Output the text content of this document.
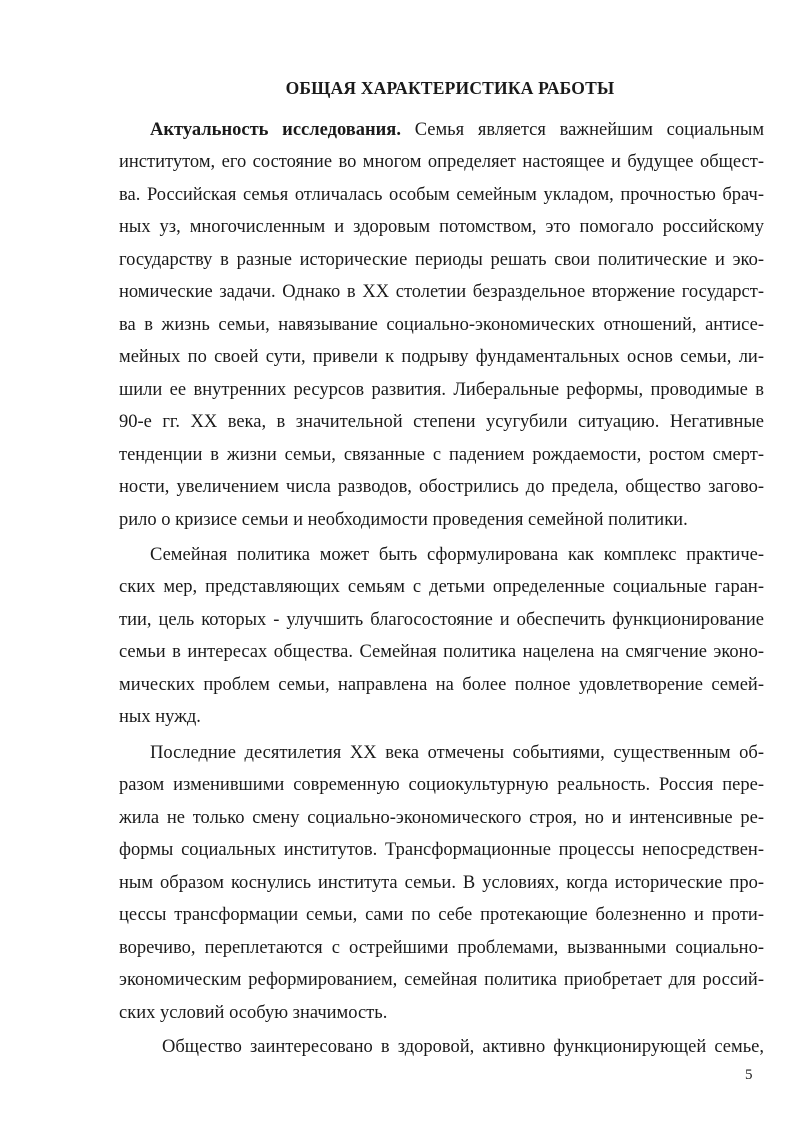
ОБЩАЯ ХАРАКТЕРИСТИКА РАБОТЫ
Актуальность исследования. Семья является важнейшим социальным
институтом, его состояние во многом определяет настоящее и будущее общест-
ва. Российская семья отличалась особым семейным укладом, прочностью брач-
ных уз, многочисленным и здоровым потомством, это помогало российскому
государству в разные исторические периоды решать свои политические и эко-
номические задачи. Однако в XX столетии безраздельное вторжение государст-
ва в жизнь семьи, навязывание социально-экономических отношений, антисе-
мейных по своей сути, привели к подрыву фундаментальных основ семьи, ли-
шили ее внутренних ресурсов развития. Либеральные реформы, проводимые в
90-е гг. XX века, в значительной степени усугубили ситуацию. Негативные
тенденции в жизни семьи, связанные с падением рождаемости, ростом смерт-
ности, увеличением числа разводов, обострились до предела, общество загово-
рило о кризисе семьи и необходимости проведения семейной политики.
Семейная политика может быть сформулирована как комплекс практиче-
ских мер, представляющих семьям с детьми определенные социальные гаран-
тии, цель которых - улучшить благосостояние и обеспечить функционирование
семьи в интересах общества. Семейная политика нацелена на смягчение эконо-
мических проблем семьи, направлена на более полное удовлетворение семей-
ных нужд.
Последние десятилетия XX века отмечены событиями, существенным об-
разом изменившими современную социокультурную реальность. Россия пере-
жила не только смену социально-экономического строя, но и интенсивные ре-
формы социальных институтов. Трансформационные процессы непосредствен-
ным образом коснулись института семьи. В условиях, когда исторические про-
цессы трансформации семьи, сами по себе протекающие болезненно и проти-
воречиво, переплетаются с острейшими проблемами, вызванными социально-
экономическим реформированием, семейная политика приобретает для россий-
ских условий особую значимость.
Общество заинтересовано в здоровой, активно функционирующей семье,
5
